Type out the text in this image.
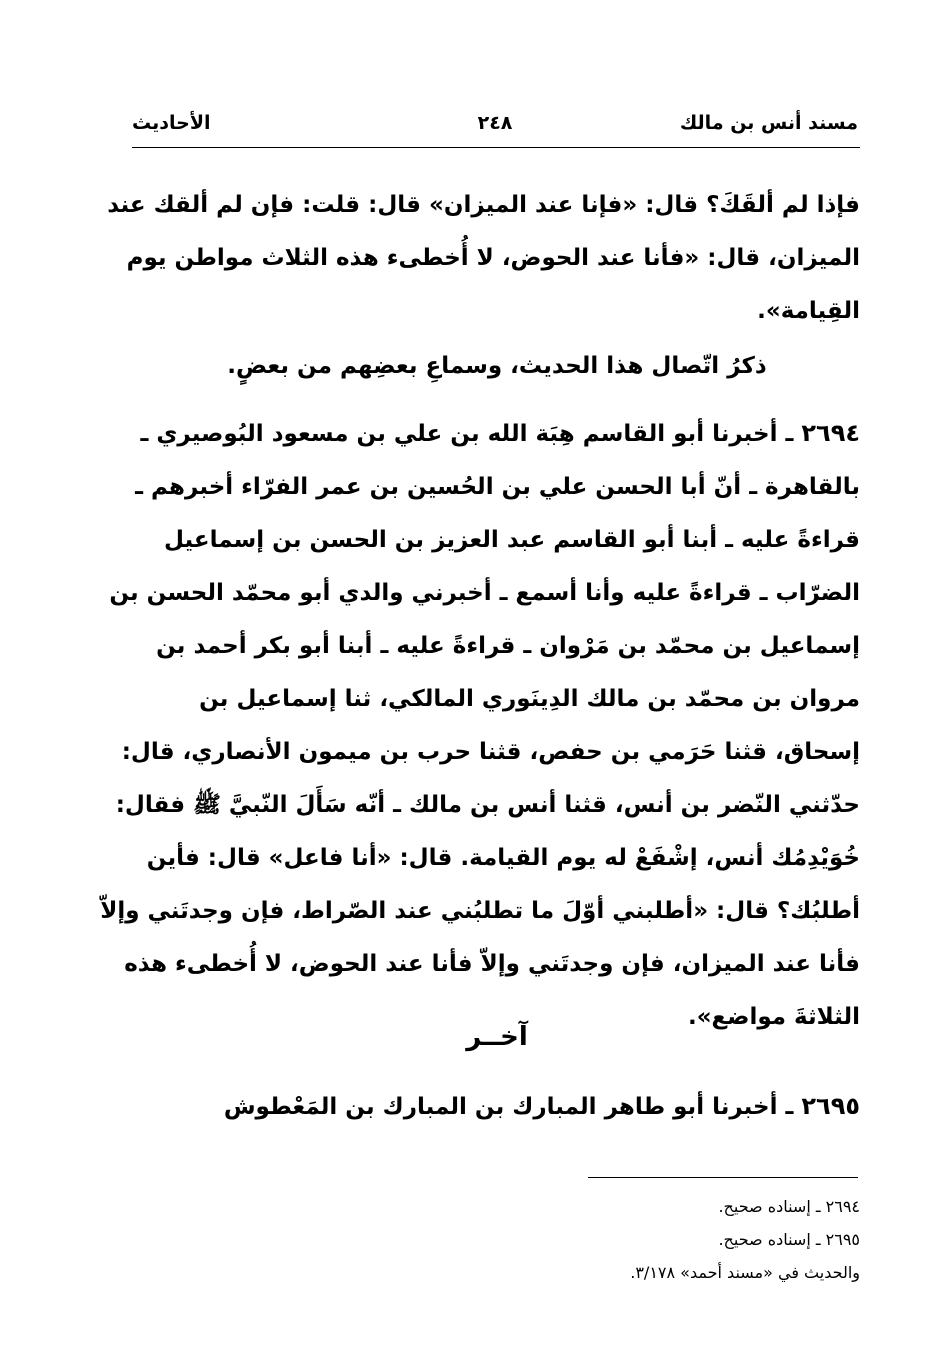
مسند أنس بن مالك
٢٤٨
الأحاديث
فإذا لم ألقَكَ؟ قال: «فإنا عند الميزان» قال: قلت: فإن لم ألقك عند
الميزان، قال: «فأنا عند الحوض، لا أُخطىء هذه الثلاث مواطن يوم
القِيامة».
ذكرُ اتّصال هذا الحديث، وسماعِ بعضِهم من بعضٍ.
٢٦٩٤ ـ أخبرنا أبو القاسم هِبَة الله بن علي بن مسعود البُوصيري ـ
بالقاهرة ـ أنّ أبا الحسن علي بن الحُسين بن عمر الفرّاء أخبرهم ـ
قراءةً عليه ـ أبنا أبو القاسم عبد العزيز بن الحسن بن إسماعيل
الضرّاب ـ قراءةً عليه وأنا أسمع ـ أخبرني والدي أبو محمّد الحسن بن
إسماعيل بن محمّد بن مَرْوان ـ قراءةً عليه ـ أبنا أبو بكر أحمد بن
مروان بن محمّد بن مالك الدِينَوري المالكي، ثنا إسماعيل بن
إسحاق، قثنا حَرَمي بن حفص، قثنا حرب بن ميمون الأنصاري، قال:
حدّثني النّضر بن أنس، قثنا أنس بن مالك ـ أنّه سَأَلَ النّبيَّ ﷺ فقال:
خُوَيْدِمُك أنس، إشْفَعْ له يوم القيامة. قال: «أنا فاعل» قال: فأين
أطلبُك؟ قال: «أطلبني أوّلَ ما تطلبُني عند الصّراط، فإن وجدتَني وإلاّ
فأنا عند الميزان، فإن وجدتَني وإلاّ فأنا عند الحوض، لا أُخطىء هذه
الثلاثةَ مواضع».
آخــر
٢٦٩٥ ـ أخبرنا أبو طاهر المبارك بن المبارك بن المَعْطوش
٢٦٩٤ ـ إسناده صحيح.
٢٦٩٥ ـ إسناده صحيح.
والحديث في «مسند أحمد» ٣/١٧٨.
